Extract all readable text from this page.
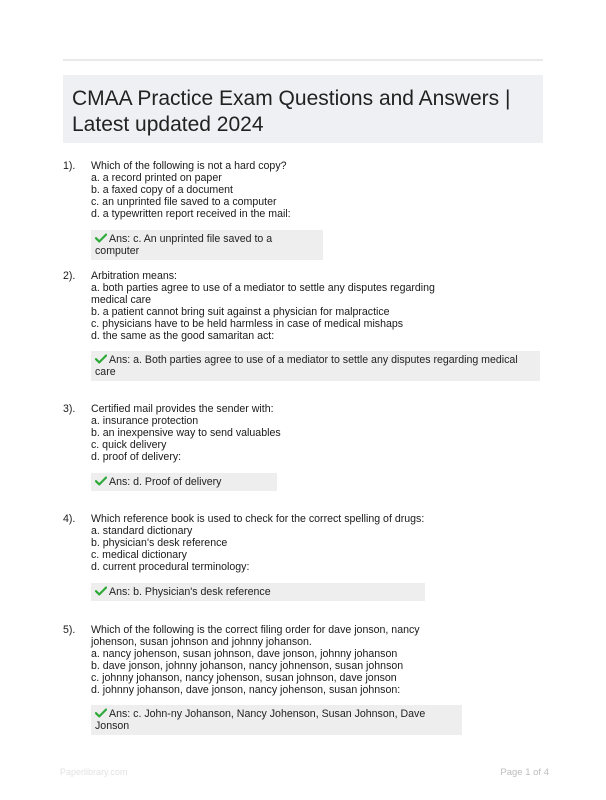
CMAA Practice Exam Questions and Answers | Latest updated 2024
1). Which of the following is not a hard copy?
a. a record printed on paper
b. a faxed copy of a document
c. an unprinted file saved to a computer
d. a typewritten report received in the mail:
Ans: c. An unprinted file saved to a computer
2). Arbitration means:
a. both parties agree to use of a mediator to settle any disputes regarding medical care
b. a patient cannot bring suit against a physician for malpractice
c. physicians have to be held harmless in case of medical mishaps
d. the same as the good samaritan act:
Ans: a. Both parties agree to use of a mediator to settle any disputes regarding medical care
3). Certified mail provides the sender with:
a. insurance protection
b. an inexpensive way to send valuables
c. quick delivery
d. proof of delivery:
Ans: d. Proof of delivery
4). Which reference book is used to check for the correct spelling of drugs:
a. standard dictionary
b. physician's desk reference
c. medical dictionary
d. current procedural terminology:
Ans: b. Physician's desk reference
5). Which of the following is the correct filing order for dave jonson, nancy johenson, susan johnson and johnny johanson.
a. nancy johenson, susan johnson, dave jonson, johnny johanson
b. dave jonson, johnny johanson, nancy johnenson, susan johnson
c. johnny johanson, nancy johenson, susan johnson, dave jonson
d. johnny johanson, dave jonson, nancy johenson, susan johnson:
Ans: c. John-ny Johanson, Nancy Johenson, Susan Johnson, Dave Jonson
Paperlibrary.com	Page 1 of 4
